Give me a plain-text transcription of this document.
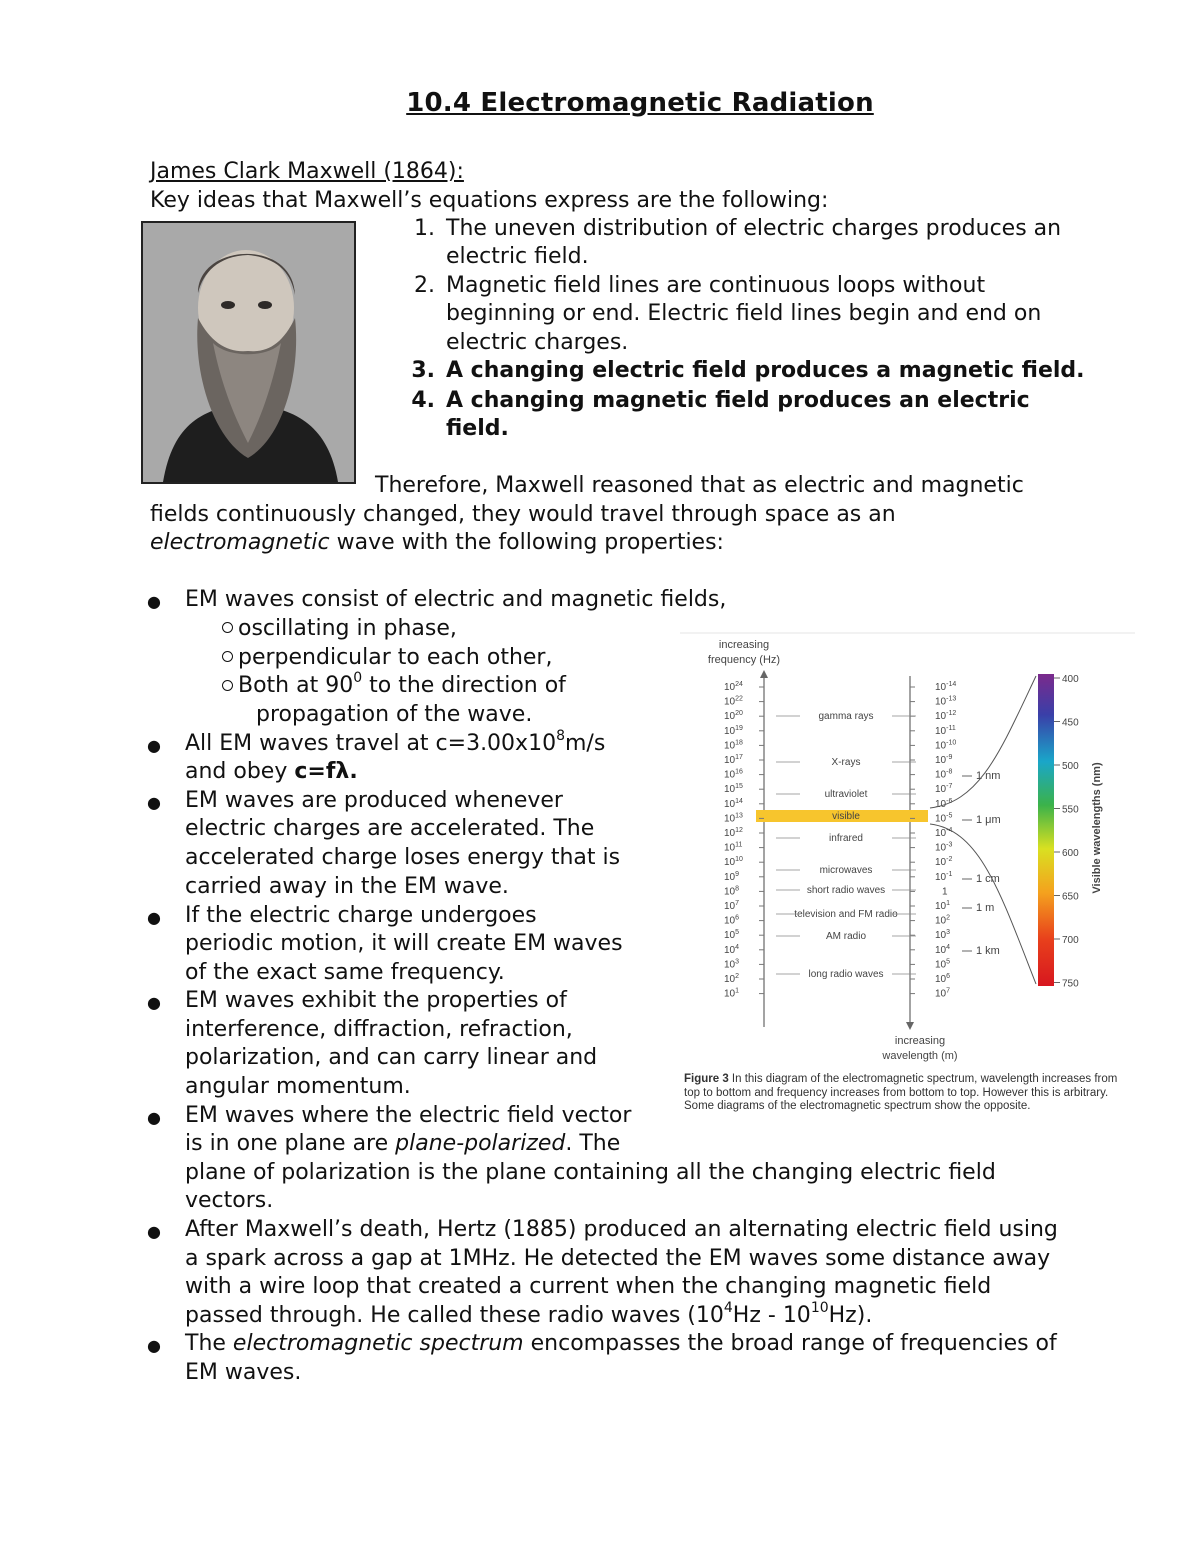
10.4 Electromagnetic Radiation
James Clark Maxwell (1864):
Key ideas that Maxwell’s equations express are the following:
1. The uneven distribution of electric charges produces an
electric field.
2. Magnetic field lines are continuous loops without
beginning or end. Electric field lines begin and end on
electric charges.
3. A changing electric field produces a magnetic field.
4. A changing magnetic field produces an electric
field.
Therefore, Maxwell reasoned that as electric and magnetic
fields continuously changed, they would travel through space as an
electromagnetic wave with the following properties:
● EM waves consist of electric and magnetic fields,
oscillating in phase,
perpendicular to each other,
Both at $90^0$ to the direction of
propagation of the wave.
● All EM waves travel at $c=3.00x10^8m/s$
and obey c=fλ.
● EM waves are produced whenever
electric charges are accelerated. The
accelerated charge loses energy that is
carried away in the EM wave.
● If the electric charge undergoes
periodic motion, it will create EM waves
of the exact same frequency.
● EM waves exhibit the properties of
interference, diffraction, refraction,
polarization, and can carry linear and
angular momentum.
● EM waves where the electric field vector
is in one plane are plane-polarized. The
plane of polarization is the plane containing all the changing electric field
vectors.
● After Maxwell’s death, Hertz (1885) produced an alternating electric field using
a spark across a gap at 1MHz. He detected the EM waves some distance away
with a wire loop that created a current when the changing magnetic field
passed through. He called these radio waves $(10^4Hz - 10^{10}Hz)$.
● The electromagnetic spectrum encompasses the broad range of frequencies of
EM waves.
increasing
frequency (Hz)
increasing
wavelength (m)
$10^{24}$
$10^{22}$
$10^{20}$
$10^{19}$
$10^{18}$
$10^{17}$
$10^{16}$
$10^{15}$
$10^{14}$
$10^{13}$
$10^{12}$
$10^{11}$
$10^{10}$
$10^9$
$10^8$
$10^7$
$10^6$
$10^5$
$10^4$
$10^3$
$10^2$
$10^1$
$10^{-14}$
$10^{-13}$
$10^{-12}$
$10^{-11}$
$10^{-10}$
$10^{-9}$
$10^{-8}$
$10^{-7}$
$10^{-6}$
$10^{-5}$
$10^{-4}$
$10^{-3}$
$10^{-2}$
$10^{-1}$
1
$10^1$
$10^2$
$10^3$
$10^4$
$10^5$
$10^6$
$10^7$
gamma rays
X-rays
ultraviolet
visible
infrared
microwaves
short radio waves
television and FM radio
AM radio
long radio waves
1 nm
1 μm
1 cm
1 m
1 km
400
450
500
550
600
650
700
750
Visible wavelengths (nm)
Figure 3 In this diagram of the electromagnetic spectrum, wavelength increases from top to bottom and frequency increases from bottom to top. However this is arbitrary. Some diagrams of the electromagnetic spectrum show the opposite.
